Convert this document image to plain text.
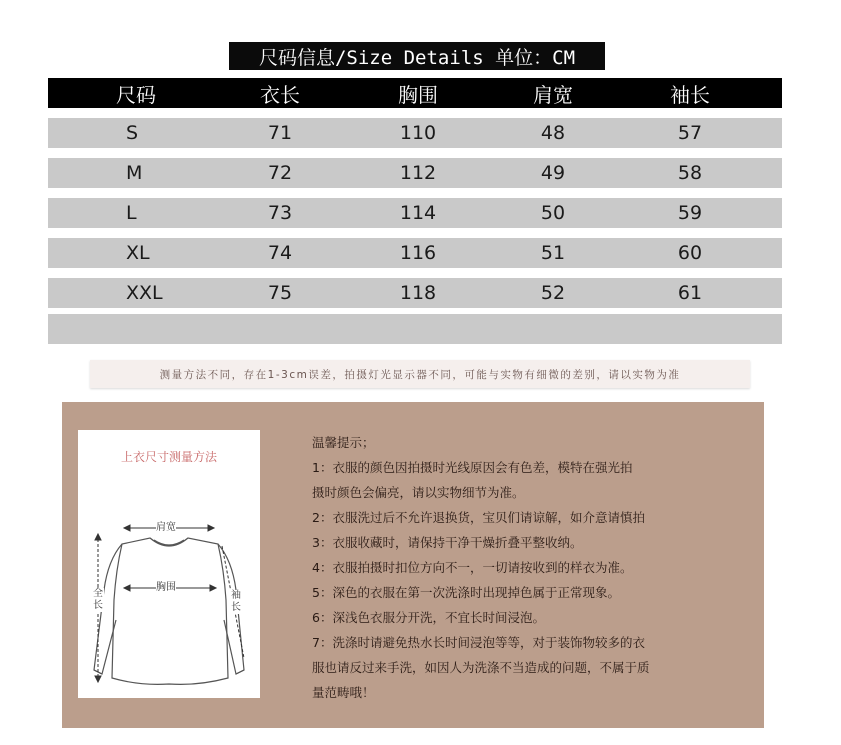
尺码信息/Size Details 单位：CM
尺码	衣长	胸围	肩宽	袖长
S	71	110	48	57
M	72	112	49	58
L	73	114	50	59
XL	74	116	51	60
XXL	75	118	52	61
测量方法不同，存在1-3cm误差，拍摄灯光显示器不同，可能与实物有细微的差别，请以实物为准
上衣尺寸测量方法
肩宽
胸围
全长
袖长
温馨提示；
1：衣服的颜色因拍摄时光线原因会有色差，模特在强光拍
摄时颜色会偏亮，请以实物细节为准。
2：衣服洗过后不允许退换货，宝贝们请谅解，如介意请慎拍
3：衣服收藏时，请保持干净干燥折叠平整收纳。
4：衣服拍摄时扣位方向不一，一切请按收到的样衣为准。
5：深色的衣服在第一次洗涤时出现掉色属于正常现象。
6：深浅色衣服分开洗，不宜长时间浸泡。
7：洗涤时请避免热水长时间浸泡等等，对于装饰物较多的衣
服也请反过来手洗，如因人为洗涤不当造成的问题，不属于质
量范畴哦！
